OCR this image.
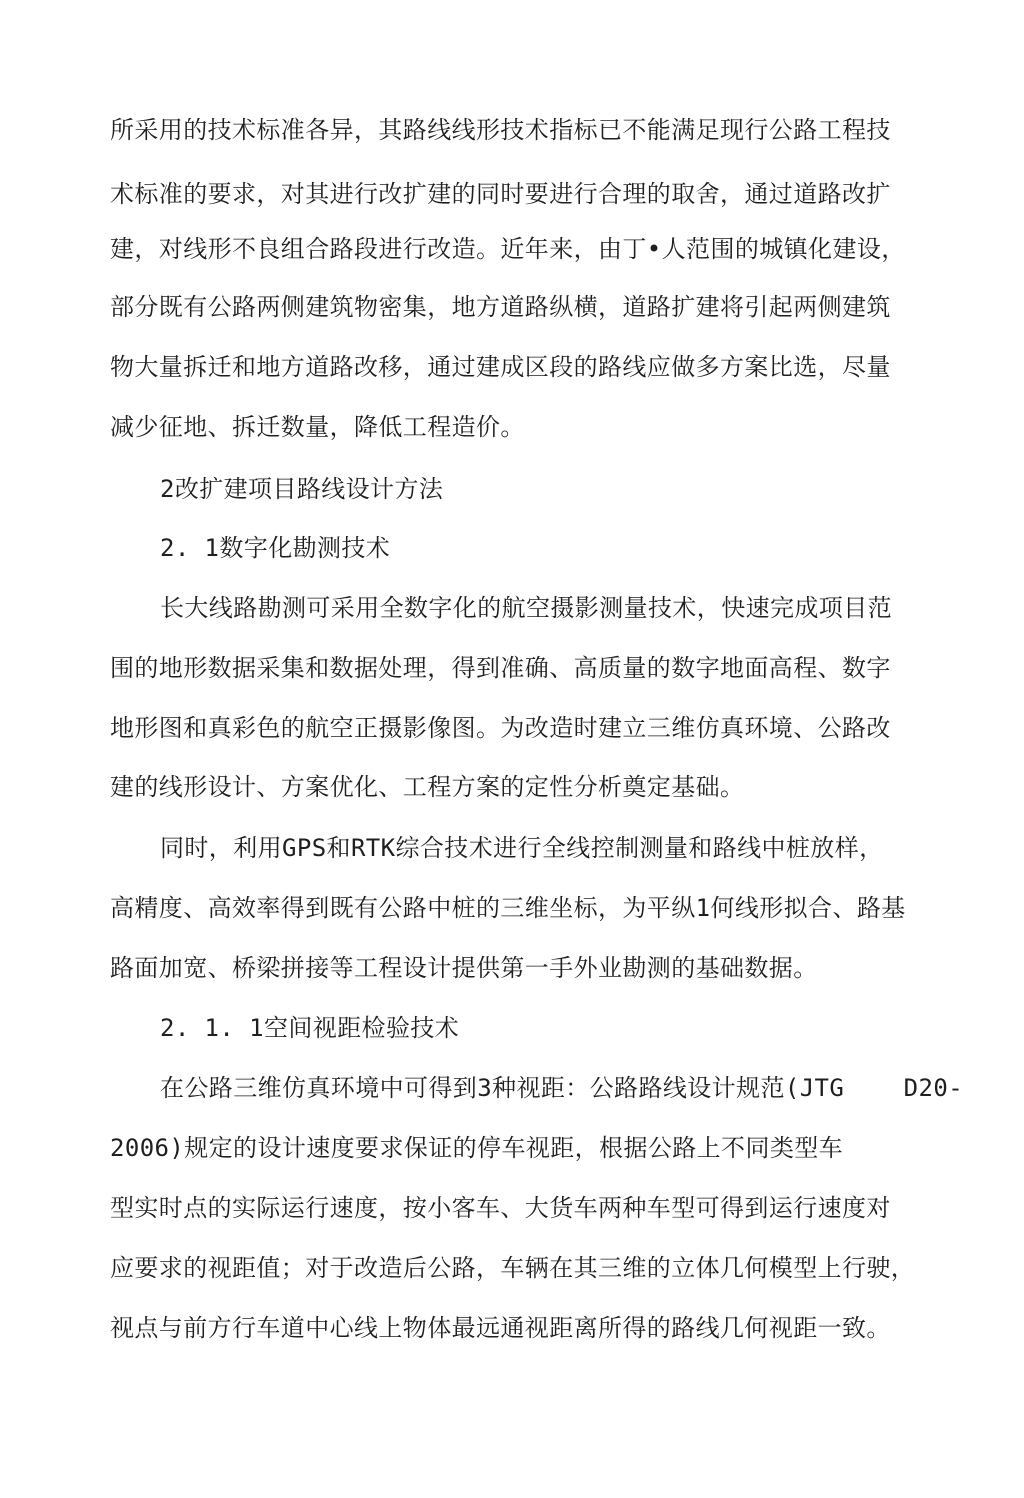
所采用的技术标准各异，其路线线形技术指标已不能满足现行公路工程技
术标准的要求，对其进行改扩建的同时要进行合理的取舍，通过道路改扩
建，对线形不良组合路段进行改造。近年来，由丁•人范围的城镇化建设，
部分既有公路两侧建筑物密集，地方道路纵横，道路扩建将引起两侧建筑
物大量拆迁和地方道路改移，通过建成区段的路线应做多方案比选，尽量
减少征地、拆迁数量，降低工程造价。
2改扩建项目路线设计方法
2. 1数字化勘测技术
长大线路勘测可采用全数字化的航空摄影测量技术，快速完成项目范
围的地形数据采集和数据处理，得到准确、高质量的数字地面高程、数字
地形图和真彩色的航空正摄影像图。为改造时建立三维仿真环境、公路改
建的线形设计、方案优化、工程方案的定性分析奠定基础。
同时，利用GPS和RTK综合技术进行全线控制测量和路线中桩放样，
高精度、高效率得到既有公路中桩的三维坐标，为平纵1何线形拟合、路基
路面加宽、桥梁拼接等工程设计提供第一手外业勘测的基础数据。
2. 1. 1空间视距检验技术
在公路三维仿真环境中可得到3种视距：公路路线设计规范(JTG    D20-
2006)规定的设计速度要求保证的停车视距，根据公路上不同类型车
型实时点的实际运行速度，按小客车、大货车两种车型可得到运行速度对
应要求的视距值；对于改造后公路，车辆在其三维的立体几何模型上行驶，
视点与前方行车道中心线上物体最远通视距离所得的路线几何视距一致。
